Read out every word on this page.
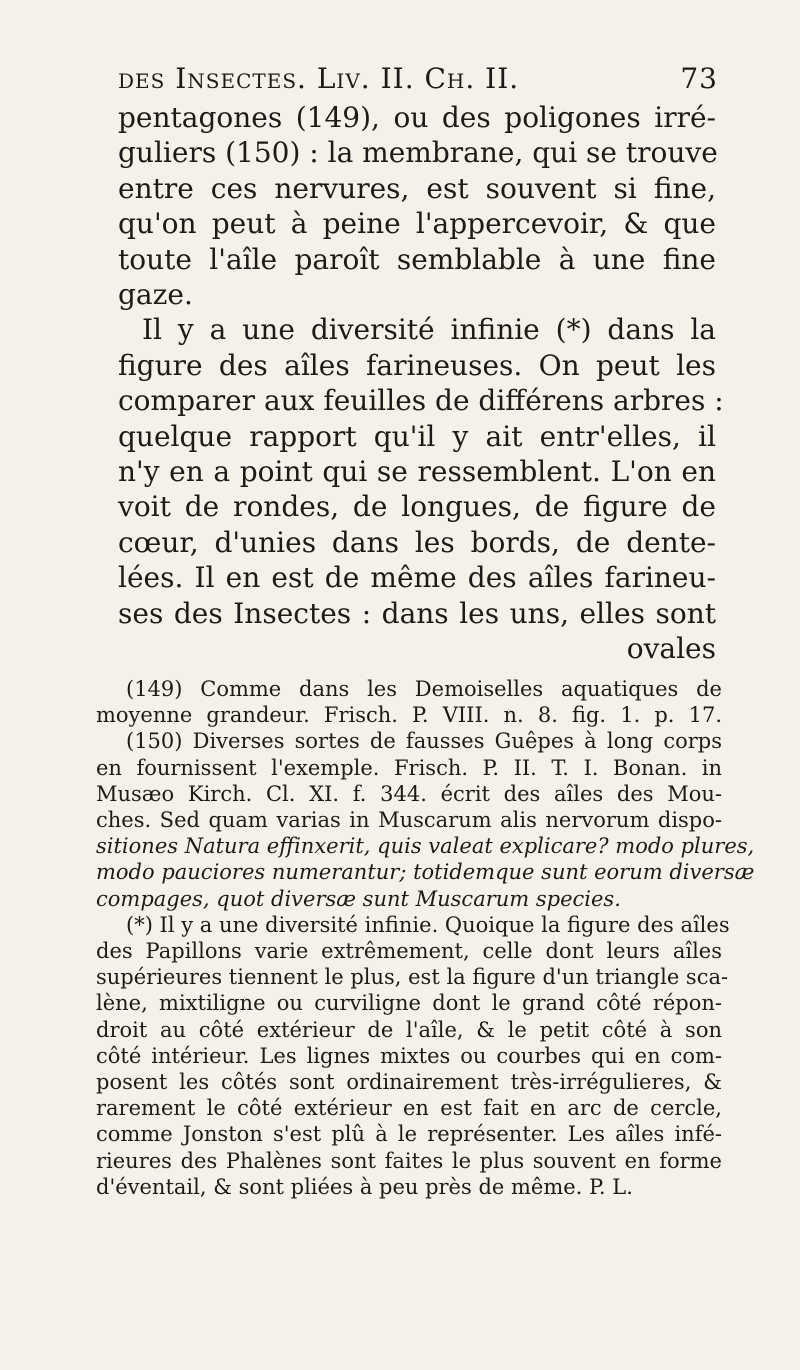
des Insectes. Liv. II. Ch. II.	73
pentagones (149), ou des poligones irré-
guliers (150) : la membrane, qui se trouve
entre ces nervures, est souvent si fine,
qu'on peut à peine l'appercevoir, & que
toute l'aîle paroît semblable à une fine
gaze.
Il y a une diversité infinie (*) dans la
figure des aîles farineuses. On peut les
comparer aux feuilles de différens arbres :
quelque rapport qu'il y ait entr'elles, il
n'y en a point qui se ressemblent. L'on en
voit de rondes, de longues, de figure de
cœur, d'unies dans les bords, de dente-
lées. Il en est de même des aîles farineu-
ses des Insectes : dans les uns, elles sont
ovales
(149) Comme dans les Demoiselles aquatiques de
moyenne grandeur. Frisch. P. VIII. n. 8. fig. 1. p. 17.
(150) Diverses sortes de fausses Guêpes à long corps
en fournissent l'exemple. Frisch. P. II. T. I. Bonan. in
Musæo Kirch. Cl. XI. f. 344. écrit des aîles des Mou-
ches. Sed quam varias in Muscarum alis nervorum dispo-
sitiones Natura effinxerit, quis valeat explicare? modo plures,
modo pauciores numerantur; totidemque sunt eorum diversæ
compages, quot diversæ sunt Muscarum species.
(*) Il y a une diversité infinie. Quoique la figure des aîles
des Papillons varie extrêmement, celle dont leurs aîles
supérieures tiennent le plus, est la figure d'un triangle sca-
lène, mixtiligne ou curviligne dont le grand côté répon-
droit au côté extérieur de l'aîle, & le petit côté à son
côté intérieur. Les lignes mixtes ou courbes qui en com-
posent les côtés sont ordinairement très-irrégulieres, &
rarement le côté extérieur en est fait en arc de cercle,
comme Jonston s'est plû à le représenter. Les aîles infé-
rieures des Phalènes sont faites le plus souvent en forme
d'éventail, & sont pliées à peu près de même. P. L.
